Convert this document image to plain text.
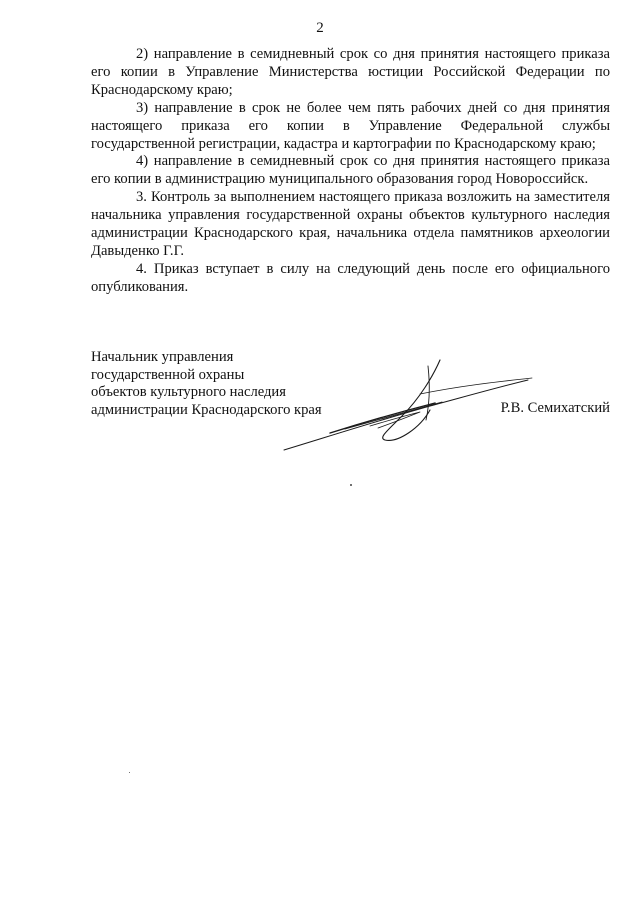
2

2) направление в семидневный срок со дня принятия настоящего приказа его копии в Управление Министерства юстиции Российской Федерации по Краснодарскому краю;

3) направление в срок не более чем пять рабочих дней со дня принятия настоящего приказа его копии в Управление Федеральной службы государственной регистрации, кадастра и картографии по Краснодарскому краю;

4) направление в семидневный срок со дня принятия настоящего приказа его копии в администрацию муниципального образования город Новороссийск.

3. Контроль за выполнением настоящего приказа возложить на заместителя начальника управления государственной охраны объектов культурного наследия администрации Краснодарского края, начальника отдела памятников археологии Давыденко Г.Г.

4. Приказ вступает в силу на следующий день после его официального опубликования.

Начальник управления
государственной охраны
объектов культурного наследия
администрации Краснодарского края	Р.В. Семихатский
